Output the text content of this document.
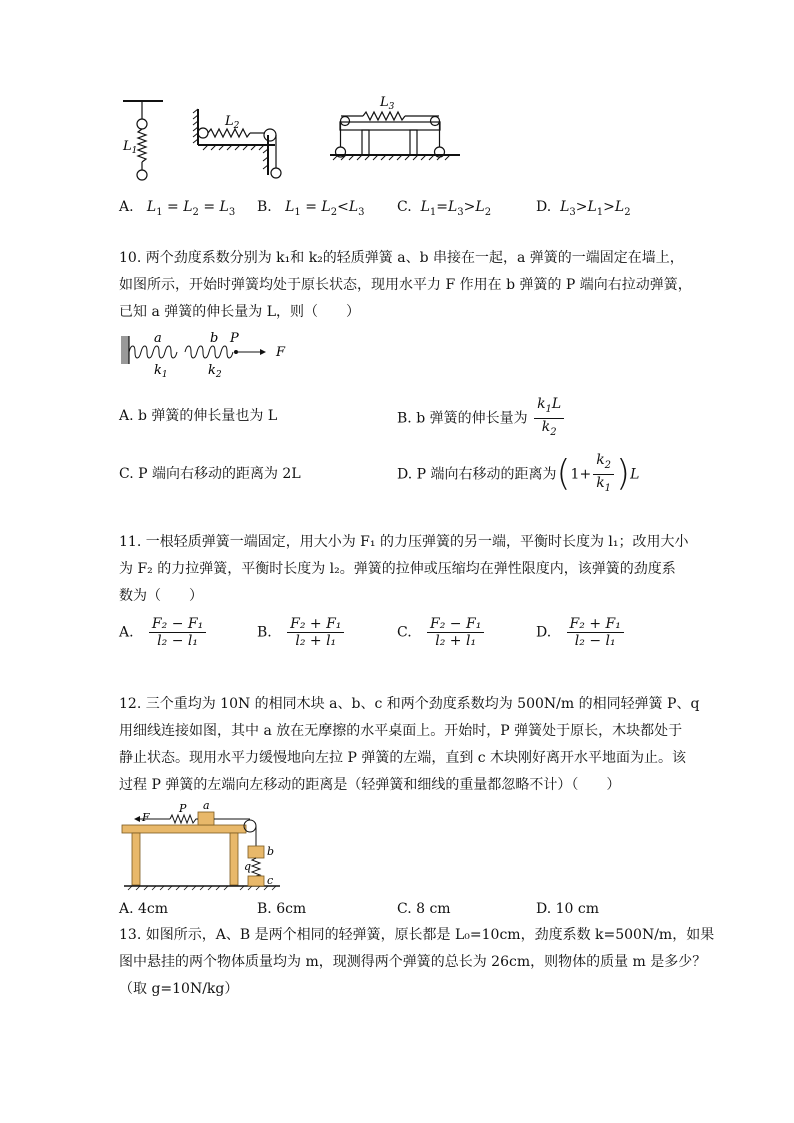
$L_1$
$L_2$
$L_3$
A. $L_1 = L_2 = L_3$ B. $L_1 = L_2<L_3$ C. $L_1=L_3>L_2$	D. $L_3>L_1>L_2$
10. 两个劲度系数分别为 k₁和 k₂的轻质弹簧 a、b 串接在一起，a 弹簧的一端固定在墙上，
如图所示，开始时弹簧均处于原长状态，现用水平力 F 作用在 b 弹簧的 P 端向右拉动弹簧，
已知 a 弹簧的伸长量为 L，则（　　）
a	b P
F
$k_1$	$k_2$
A. b 弹簧的伸长量也为 L	B. b 弹簧的伸长量为 $\frac{k_1L}{k_2}$
C. P 端向右移动的距离为 2L	D. P 端向右移动的距离为$(1+ \frac{k_2}{k_1} )L$
11. 一根轻质弹簧一端固定，用大小为 F₁ 的力压弹簧的另一端，平衡时长度为 l₁；改用大小
为 F₂ 的力拉弹簧，平衡时长度为 l₂。弹簧的拉伸或压缩均在弹性限度内，该弹簧的劲度系
数为（　　）
A. $\frac{\text{F₂ − F₁}}{\text{l₂ − l₁}}$	B. $\frac{\text{F₂ + F₁}}{\text{l₂ + l₁}}$	C. $\frac{\text{F₂ − F₁}}{\text{l₂ + l₁}}$	D. $\frac{\text{F₂ + F₁}}{\text{l₂ − l₁}}$
12. 三个重均为 10N 的相同木块 a、b、c 和两个劲度系数均为 500N/m 的相同轻弹簧 P、q
用细线连接如图，其中 a 放在无摩擦的水平桌面上。开始时，P 弹簧处于原长，木块都处于
静止状态。现用水平力缓慢地向左拉 P 弹簧的左端，直到 c 木块刚好离开水平地面为止。该
过程 P 弹簧的左端向左移动的距离是（轻弹簧和细线的重量都忽略不计）（　　）
F
P a
b
q
c
A. 4cm	B. 6cm	C. 8 cm	D. 10 cm
13. 如图所示，A、B 是两个相同的轻弹簧，原长都是 L₀=10cm，劲度系数 k=500N/m，如果
图中悬挂的两个物体质量均为 m，现测得两个弹簧的总长为 26cm，则物体的质量 m 是多少？
（取 g=10N/kg）
